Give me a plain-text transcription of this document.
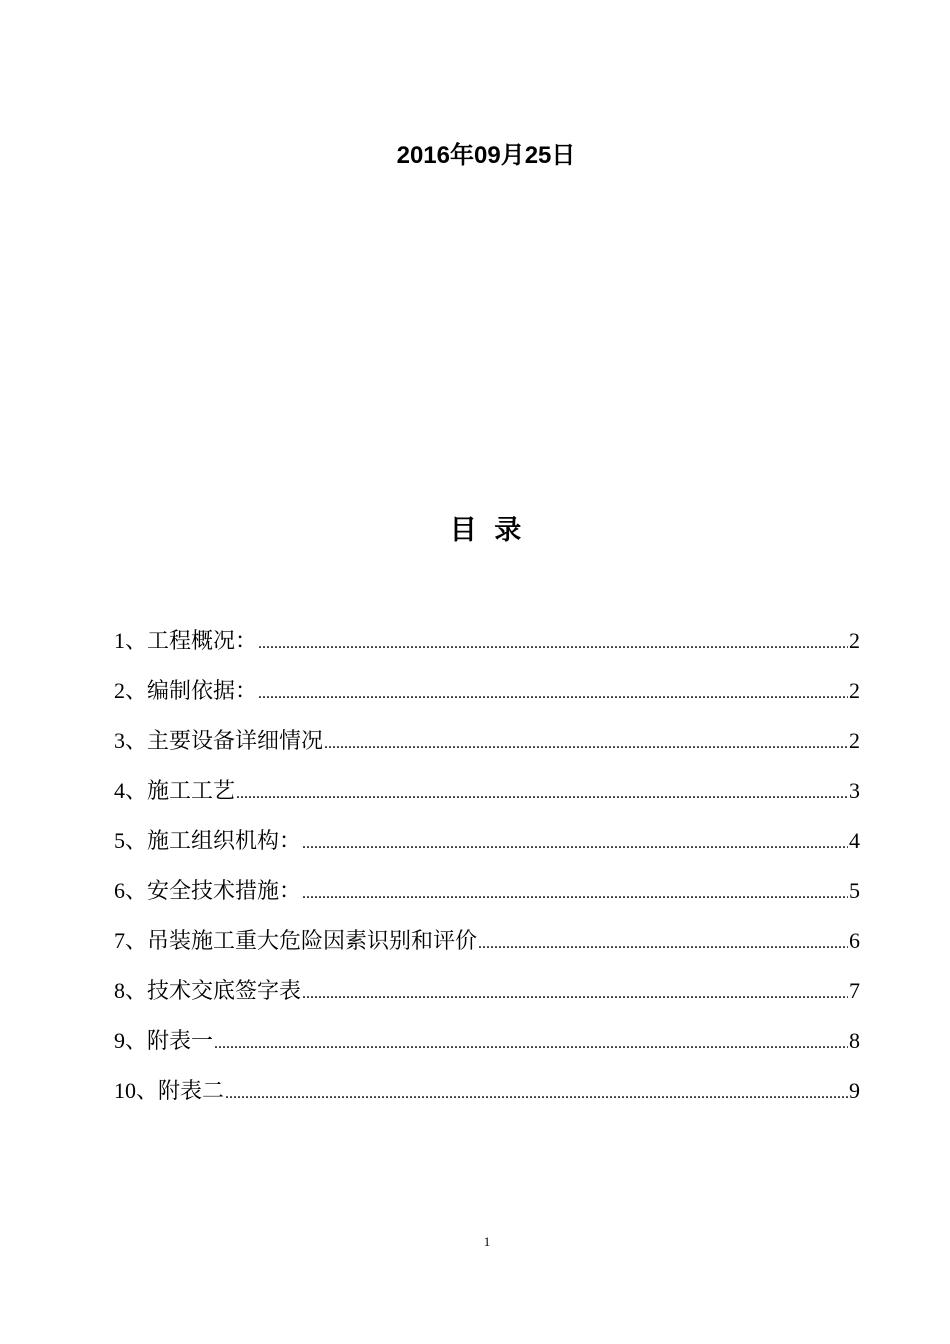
2016年09月25日
目 录
1、工程概况： .....	2
2、编制依据： .....	2
3、主要设备详细情况 .....	2
4、施工工艺 .....	3
5、施工组织机构： .....	4
6、安全技术措施： .....	5
7、吊装施工重大危险因素识别和评价 .....	6
8、技术交底签字表 .....	7
9、附表一 .....	8
10、附表二 .....	9
1
